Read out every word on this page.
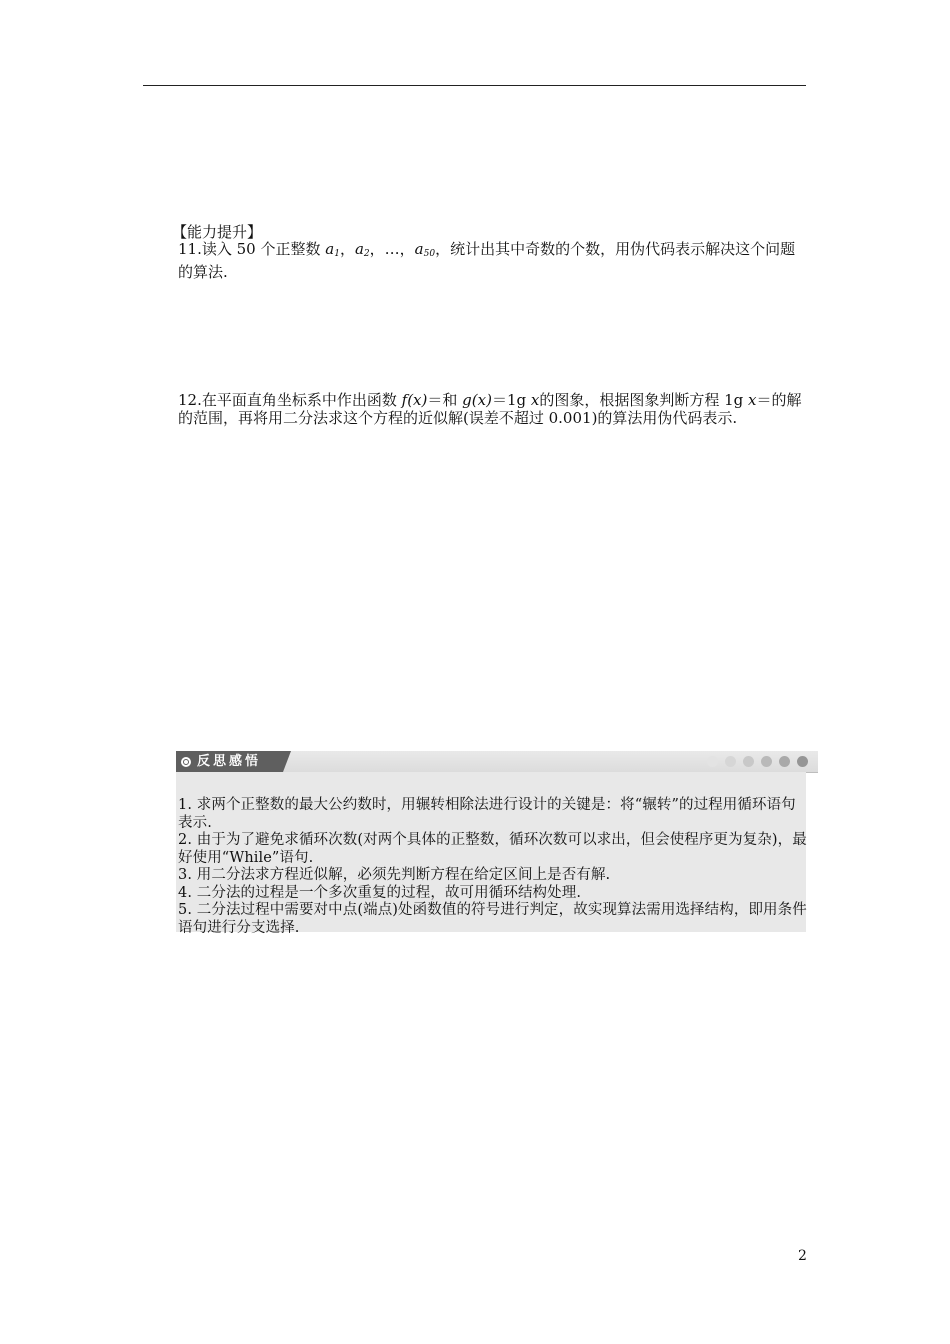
【能力提升】

11.读入 50 个正整数 $a_1$，$a_2$，…，$a_{50}$，统计出其中奇数的个数，用伪代码表示解决这个问题的算法.

12.在平面直角坐标系中作出函数 f(x)＝和 g(x)＝1g x的图象，根据图象判断方程 1g x＝的解的范围，再将用二分法求这个方程的近似解(误差不超过 0.001)的算法用伪代码表示.

反思感悟

1. 求两个正整数的最大公约数时，用辗转相除法进行设计的关键是：将“辗转”的过程用循环语句表示.

2. 由于为了避免求循环次数(对两个具体的正整数，循环次数可以求出，但会使程序更为复杂)，最好使用“While”语句.

3. 用二分法求方程近似解，必须先判断方程在给定区间上是否有解.

4. 二分法的过程是一个多次重复的过程，故可用循环结构处理.

5. 二分法过程中需要对中点(端点)处函数值的符号进行判定，故实现算法需用选择结构，即用条件语句进行分支选择.

2
